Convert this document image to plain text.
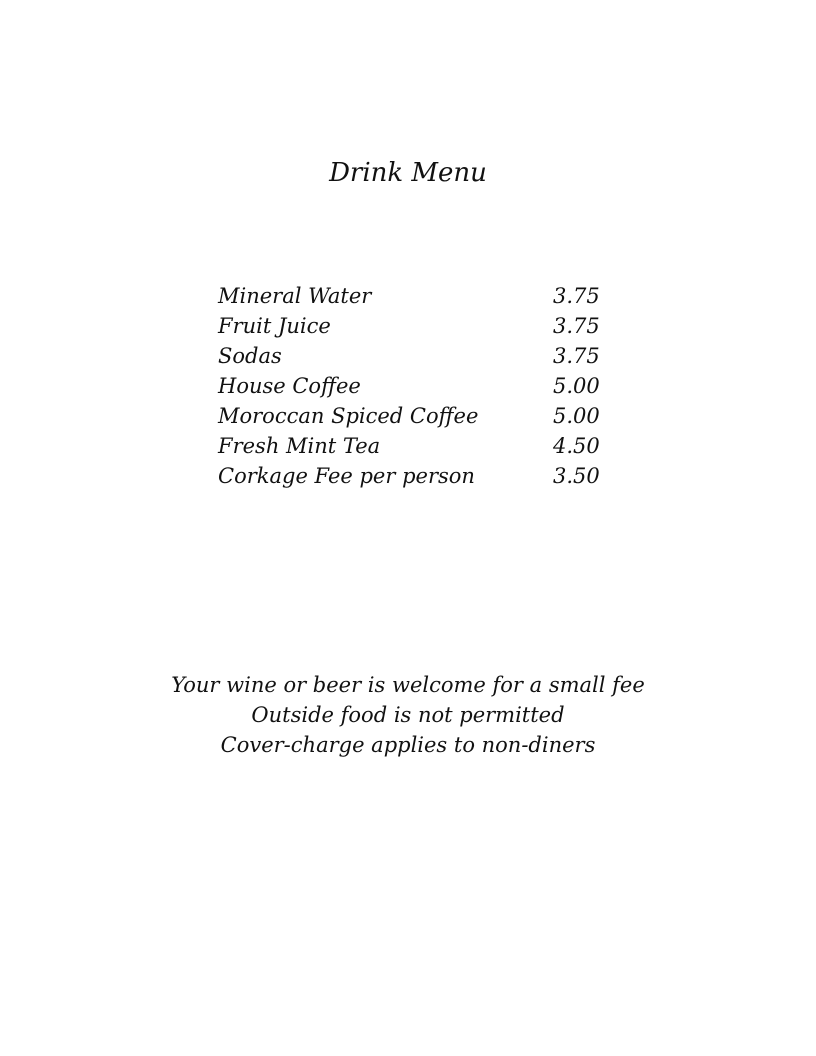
Drink Menu
Mineral Water	3.75
Fruit Juice	3.75
Sodas	3.75
House Coffee	5.00
Moroccan Spiced Coffee	5.00
Fresh Mint Tea	4.50
Corkage Fee per person	3.50
Your wine or beer is welcome for a small fee
Outside food is not permitted
Cover-charge applies to non-diners
